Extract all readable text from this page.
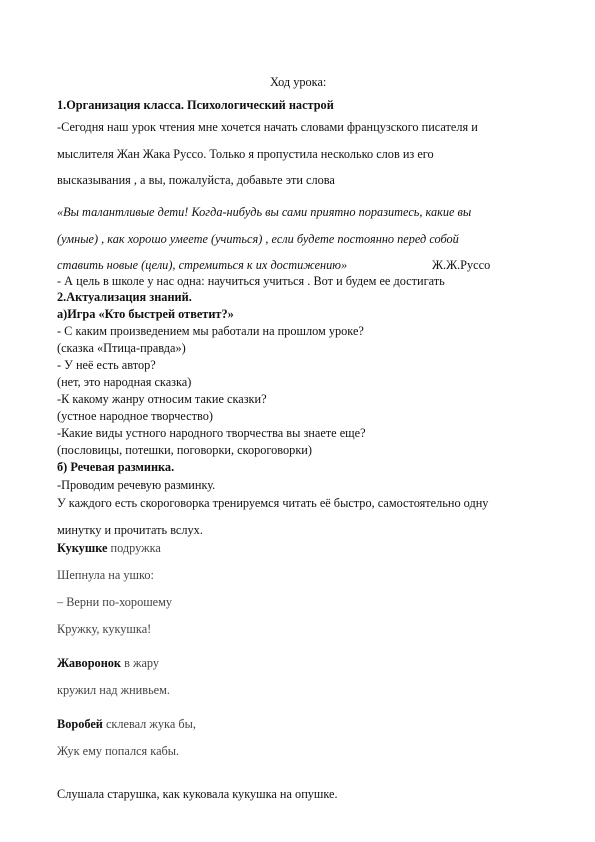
Ход урока:
1.Организация класса. Психологический настрой
-Сегодня наш урок чтения мне хочется начать словами французского писателя и
мыслителя Жан Жака Руссо. Только я пропустила несколько слов из его
высказывания , а вы, пожалуйста, добавьте эти слова
«Вы талантливые дети! Когда-нибудь вы сами приятно поразитесь, какие вы
(умные) , как хорошо умеете (учиться) , если будете постоянно перед собой
ставить новые (цели), стремиться к их достижению»	Ж.Ж.Руссо
- А цель в школе у нас одна: научиться учиться . Вот и будем ее достигать
2.Актуализация знаний.
а)Игра «Кто быстрей ответит?»
- С каким произведением мы работали на прошлом уроке?
(сказка «Птица-правда»)
- У неё есть автор?
(нет, это народная сказка)
-К какому жанру относим такие сказки?
(устное народное творчество)
-Какие виды устного народного творчества вы знаете еще?
(пословицы, потешки, поговорки, скороговорки)
б) Речевая разминка.
-Проводим речевую разминку.
У каждого есть скороговорка тренируемся читать её быстро, самостоятельно одну
минутку и прочитать вслух.
Кукушке подружка
Шепнула на ушко:
– Верни по-хорошему
Кружку, кукушка!
Жаворонок в жару
кружил над жнивьем.
Воробей склевал жука бы,
Жук ему попался кабы.
Слушала старушка, как куковала кукушка на опушке.
